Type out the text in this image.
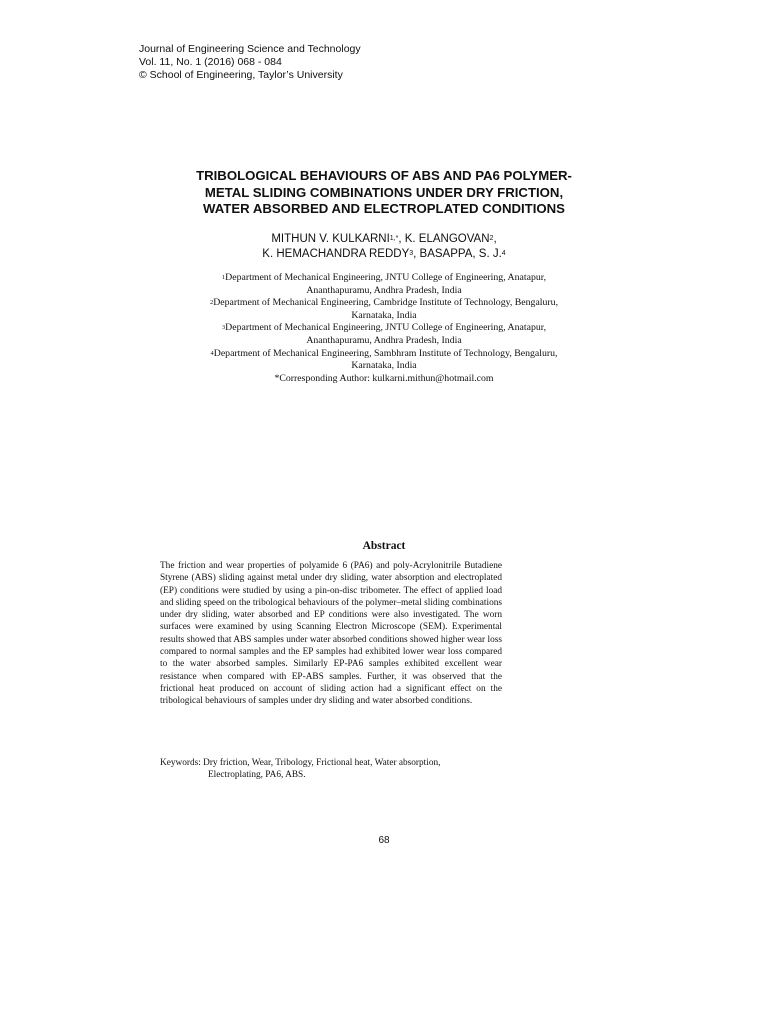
Journal of Engineering Science and Technology
Vol. 11, No. 1 (2016) 068 - 084
© School of Engineering, Taylor’s University
TRIBOLOGICAL BEHAVIOURS OF ABS AND PA6 POLYMER-
METAL SLIDING COMBINATIONS UNDER DRY FRICTION,
WATER ABSORBED AND ELECTROPLATED CONDITIONS
MITHUN V. $KULKARNI^{1,*}$, K. ELANGOVAN$^2$,
K. HEMACHANDRA REDDY$^3$, BASAPPA, S. J.$^4$
$^1$Department of Mechanical Engineering, JNTU College of Engineering, Anatapur,
Ananthapuramu, Andhra Pradesh, India
$^2$Department of Mechanical Engineering, Cambridge Institute of Technology, Bengaluru,
Karnataka, India
$^3$Department of Mechanical Engineering, JNTU College of Engineering, Anatapur,
Ananthapuramu, Andhra Pradesh, India
$^4$Department of Mechanical Engineering, Sambhram Institute of Technology, Bengaluru,
Karnataka, India
*Corresponding Author: kulkarni.mithun@hotmail.com
Abstract
The friction and wear properties of polyamide 6 (PA6) and poly-Acrylonitrile Butadiene Styrene (ABS) sliding against metal under dry sliding, water absorption and electroplated (EP) conditions were studied by using a pin-on-disc tribometer. The effect of applied load and sliding speed on the tribological behaviours of the polymer–metal sliding combinations under dry sliding, water absorbed and EP conditions were also investigated. The worn surfaces were examined by using Scanning Electron Microscope (SEM). Experimental results showed that ABS samples under water absorbed conditions showed higher wear loss compared to normal samples and the EP samples had exhibited lower wear loss compared to the water absorbed samples. Similarly EP-PA6 samples exhibited excellent wear resistance when compared with EP-ABS samples. Further, it was observed that the frictional heat produced on account of sliding action had a significant effect on the tribological behaviours of samples under dry sliding and water absorbed conditions.
Keywords: Dry friction, Wear, Tribology, Frictional heat, Water absorption,
Electroplating, PA6, ABS.
68
